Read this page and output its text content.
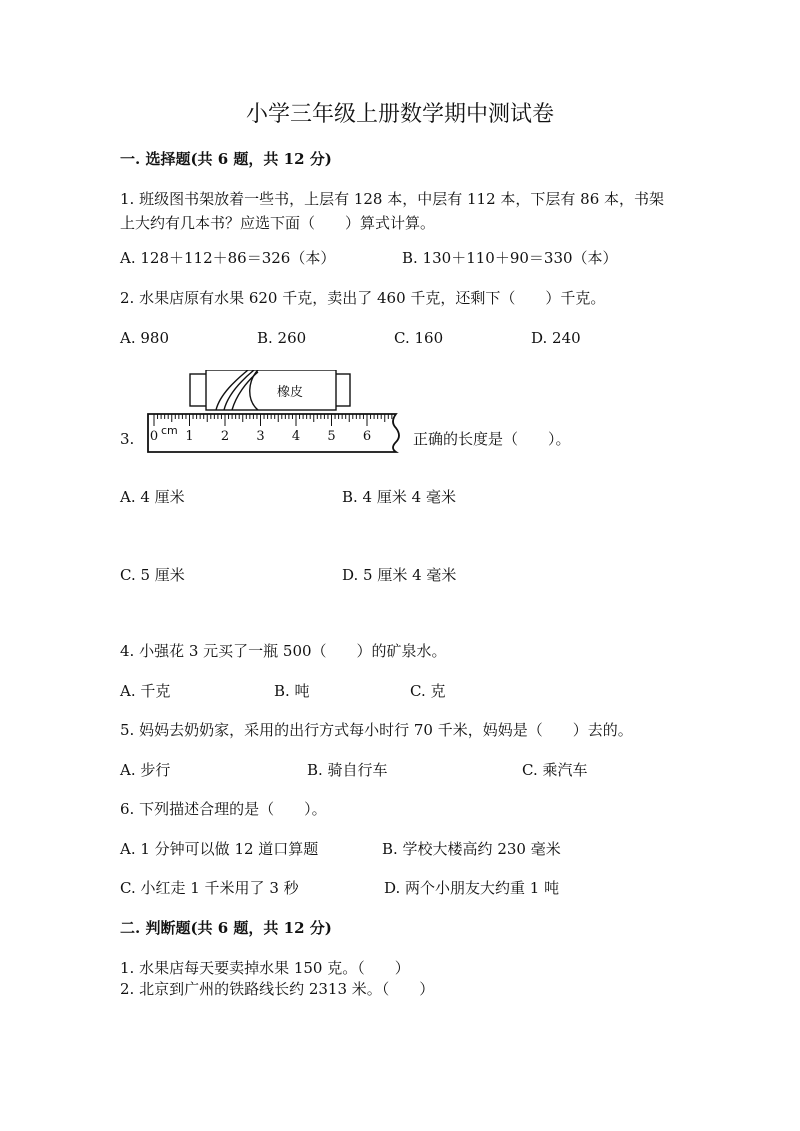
小学三年级上册数学期中测试卷
一. 选择题(共 6 题，共 12 分)
1. 班级图书架放着一些书，上层有 128 本，中层有 112 本，下层有 86 本，书架
上大约有几本书？应选下面（　　）算式计算。
A. 128＋112＋86＝326（本）	B. 130＋110＋90＝330（本）
2. 水果店原有水果 620 千克，卖出了 460 千克，还剩下（　　）千克。
A. 980	B. 260	C. 160	D. 240
3.
橡皮
0 1 2 3 4 5 6
cm	正确的长度是（　　）。
A. 4 厘米	B. 4 厘米 4 毫米
C. 5 厘米	D. 5 厘米 4 毫米
4. 小强花 3 元买了一瓶 500（　　）的矿泉水。
A. 千克	B. 吨	C. 克
5. 妈妈去奶奶家，采用的出行方式每小时行 70 千米，妈妈是（　　）去的。
A. 步行	B. 骑自行车	C. 乘汽车
6. 下列描述合理的是（　　）。
A. 1 分钟可以做 12 道口算题	B. 学校大楼高约 230 毫米
C. 小红走 1 千米用了 3 秒	D. 两个小朋友大约重 1 吨
二. 判断题(共 6 题，共 12 分)
1. 水果店每天要卖掉水果 150 克。（　　）
2. 北京到广州的铁路线长约 2313 米。（　　）
